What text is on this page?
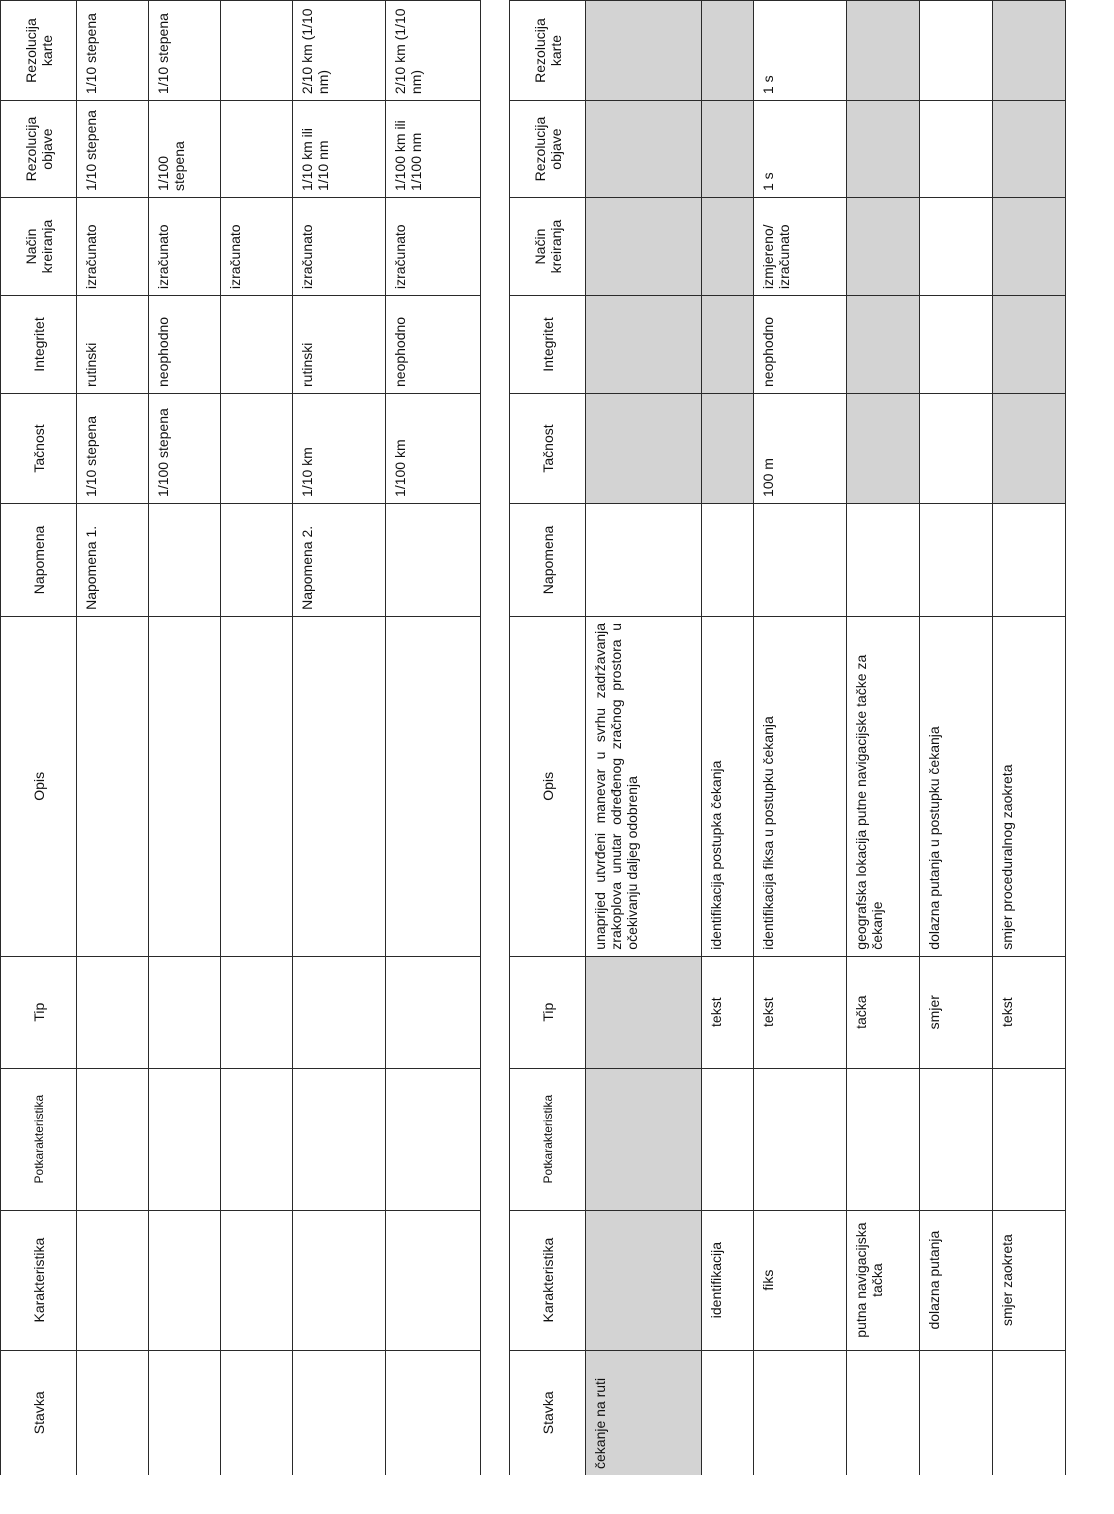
Stavka	Karakteristika	Potkarakteristika	Tip	Opis	Napomena	Tačnost	Integritet	Način kreiranja	Rezolucija objave	Rezolucija karte
					Napomena 1.	1/10 stepena	rutinski	izračunato	1/10 stepena	1/10 stepena
						1/100 stepena	neophodno	izračunato	1/100 stepena	1/10 stepena
								izračunato		
					Napomena 2.	1/10 km	rutinski	izračunato	1/10 km ili 1/10 nm	2/10 km (1/10 nm)
						1/100 km	neophodno	izračunato	1/100 km ili 1/100 nm	2/10 km (1/10 nm)
Stavka	Karakteristika	Potkarakteristika	Tip	Opis	Napomena	Tačnost	Integritet	Način kreiranja	Rezolucija objave	Rezolucija karte
čekanje na ruti				unaprijed utvrđeni manevar u svrhu zadržavanja zrakoplova unutar određenog zračnog prostora u očekivanju daljeg odobrenja						
	identifikacija		tekst	identifikacija postupka čekanja						
	fiks		tekst	identifikacija fiksa u postupku čekanja		100 m	neophodno	izmjereno/ izračunato	1 s	1 s
	putna navigacijska tačka		tačka	geografska lokacija putne navigacijske tačke za čekanje						
	dolazna putanja		smjer	dolazna putanja u postupku čekanja						
	smjer zaokreta		tekst	smjer proceduralnog zaokreta						
